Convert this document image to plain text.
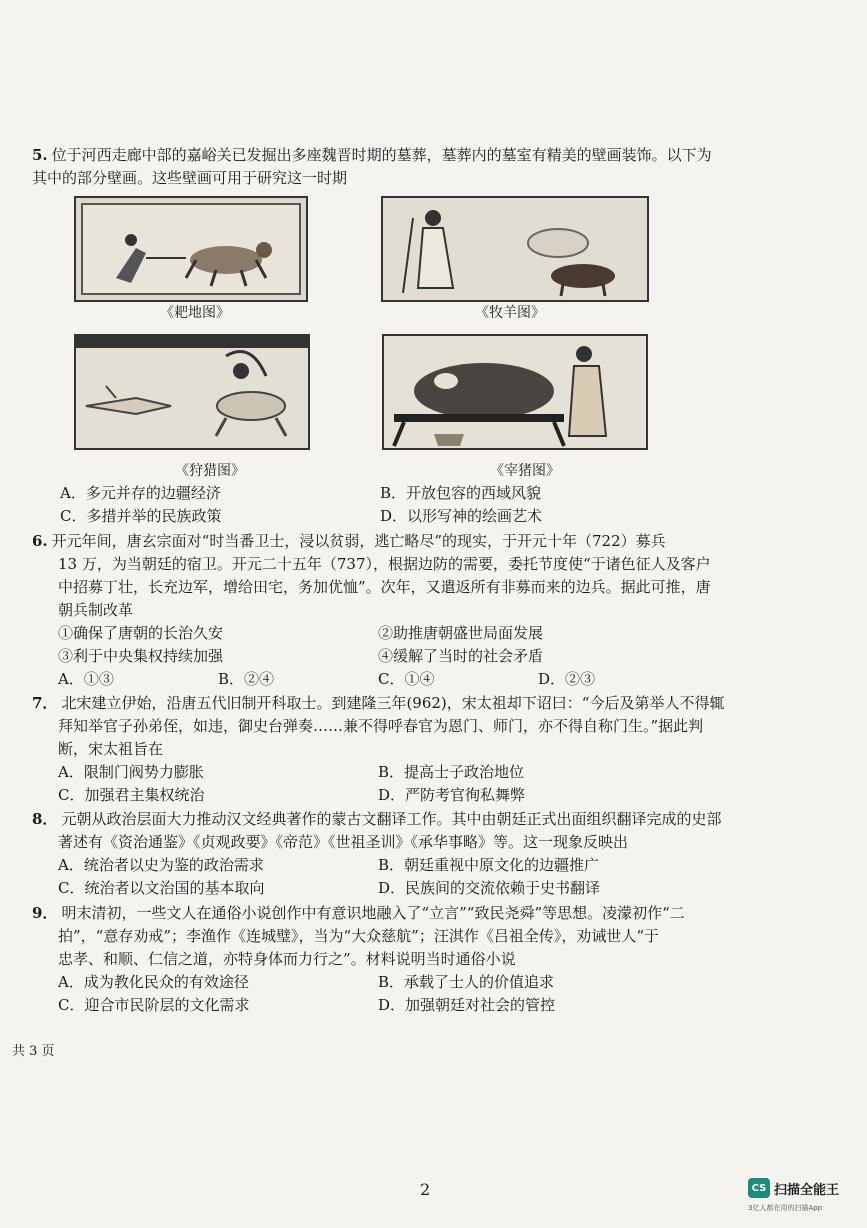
5. 位于河西走廊中部的嘉峪关已发掘出多座魏晋时期的墓葬，墓葬内的墓室有精美的壁画装饰。以下为
其中的部分壁画。这些壁画可用于研究这一时期
《耙地图》	《牧羊图》
《狩猎图》	《宰猪图》
A．多元并存的边疆经济	B．开放包容的西域风貌
C．多措并举的民族政策	D．以形写神的绘画艺术
6. 开元年间，唐玄宗面对“时当番卫士，浸以贫弱，逃亡略尽”的现实，于开元十年（722）募兵
13 万，为当朝廷的宿卫。开元二十五年（737），根据边防的需要，委托节度使“于诸色征人及客户
中招募丁壮，长充边军，增给田宅，务加优恤”。次年，又遣返所有非募而来的边兵。据此可推，唐
朝兵制改革
①确保了唐朝的长治久安	②助推唐朝盛世局面发展
③利于中央集权持续加强	④缓解了当时的社会矛盾
A．①③	B．②④	C．①④	D．②③
7． 北宋建立伊始，沿唐五代旧制开科取士。到建隆三年(962)，宋太祖却下诏曰：“今后及第举人不得辄
拜知举官子孙弟侄，如违，御史台弹奏……兼不得呼春官为恩门、师门，亦不得自称门生。”据此判
断，宋太祖旨在
A．限制门阀势力膨胀	B．提高士子政治地位
C．加强君主集权统治	D．严防考官徇私舞弊
8． 元朝从政治层面大力推动汉文经典著作的蒙古文翻译工作。其中由朝廷正式出面组织翻译完成的史部
著述有《资治通鉴》《贞观政要》《帝范》《世祖圣训》《承华事略》等。这一现象反映出
A．统治者以史为鉴的政治需求	B．朝廷重视中原文化的边疆推广
C．统治者以文治国的基本取向	D．民族间的交流依赖于史书翻译
9． 明末清初，一些文人在通俗小说创作中有意识地融入了“立言”“致民尧舜”等思想。凌濛初作“二
拍”，“意存劝戒”；李渔作《连城璧》，当为“大众慈航”；汪淇作《吕祖全传》，劝诫世人“于
忠孝、和顺、仁信之道，亦特身体而力行之”。材料说明当时通俗小说
A．成为教化民众的有效途径	B．承载了士人的价值追求
C．迎合市民阶层的文化需求	D．加强朝廷对社会的管控
共 3 页
2	CS 扫描全能王
3亿人都在用的扫描App
